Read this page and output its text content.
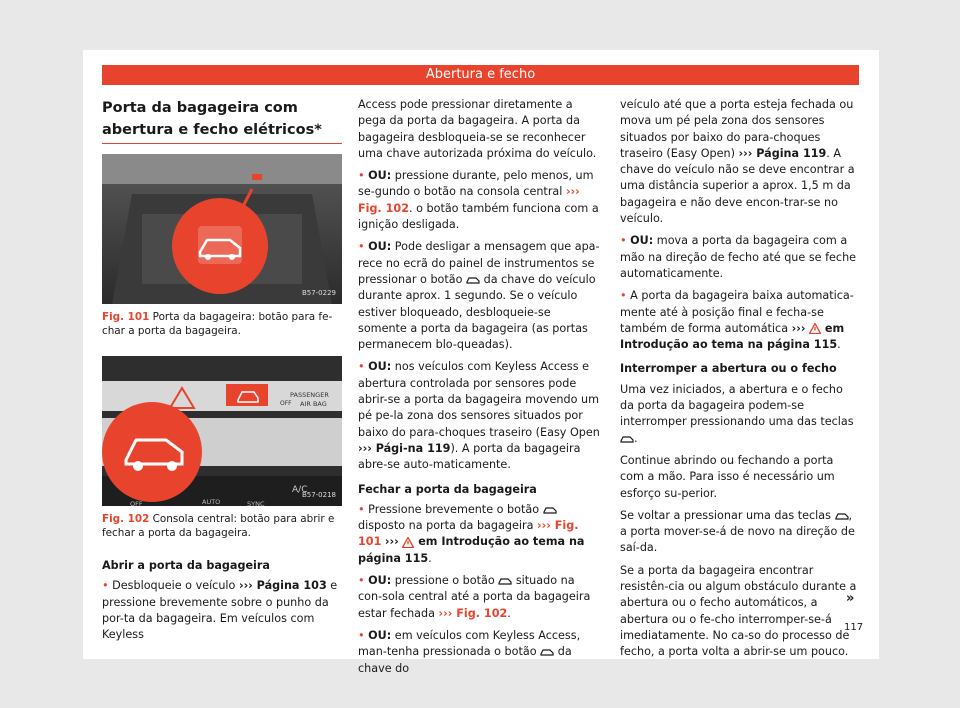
Abertura e fecho
Porta da bagageira com abertura e fecho elétricos*
B57-0229
Fig. 101 Porta da bagageira: botão para fe-char a porta da bagageira.
PASSENGER
AIR BAG
OFF
AUTO	SYNC
A/C
OFF
B57-0218
Fig. 102 Consola central: botão para abrir e fechar a porta da bagageira.

Abrir a porta da bagageira

• Desbloqueie o veículo ››› Página 103 e pressione brevemente sobre o punho da por-ta da bagageira. Em veículos com Keyless

Access pode pressionar diretamente a pega da porta da bagageira. A porta da bagageira desbloqueia-se se reconhecer uma chave autorizada próxima do veículo.

• OU: pressione durante, pelo menos, um se-gundo o botão na consola central ››› Fig. 102. o botão também funciona com a ignição desligada.

• OU: Pode desligar a mensagem que apa-rece no ecrã do painel de instrumentos se pressionar o botão  da chave do veículo durante aprox. 1 segundo. Se o veículo estiver bloqueado, desbloqueie-se somente a porta da bagageira (as portas permanecem blo-queadas).

• OU: nos veículos com Keyless Access e abertura controlada por sensores pode abrir-se a porta da bagageira movendo um pé pe-la zona dos sensores situados por baixo do para-choques traseiro (Easy Open ››› Pági-na 119). A porta da bagageira abre-se auto-maticamente.

Fechar a porta da bagageira

• Pressione brevemente o botão  disposto na porta da bagageira ››› Fig. 101 ›››  em Introdução ao tema na página 115.

• OU: pressione o botão  situado na con-sola central até a porta da bagageira estar fechada ››› Fig. 102.

• OU: em veículos com Keyless Access, man-tenha pressionada o botão  da chave do

veículo até que a porta esteja fechada ou mova um pé pela zona dos sensores situados por baixo do para-choques traseiro (Easy Open) ››› Página 119. A chave do veículo não se deve encontrar a uma distância superior a aprox. 1,5 m da bagageira e não deve encon-trar-se no veículo.

• OU: mova a porta da bagageira com a mão na direção de fecho até que se feche automaticamente.

• A porta da bagageira baixa automatica-mente até à posição final e fecha-se também de forma automática ›››  em Introdução ao tema na página 115.

Interromper a abertura ou o fecho

Uma vez iniciados, a abertura e o fecho da porta da bagageira podem-se interromper pressionando uma das teclas .

Continue abrindo ou fechando a porta com a mão. Para isso é necessário um esforço su-perior.

Se voltar a pressionar uma das teclas , a porta mover-se-á de novo na direção de saí-da.

Se a porta da bagageira encontrar resistên-cia ou algum obstáculo durante a abertura ou o fecho automáticos, a abertura ou o fe-cho interromper-se-á imediatamente. No ca-so do processo de fecho, a porta volta a abrir-se um pouco.

»
117
